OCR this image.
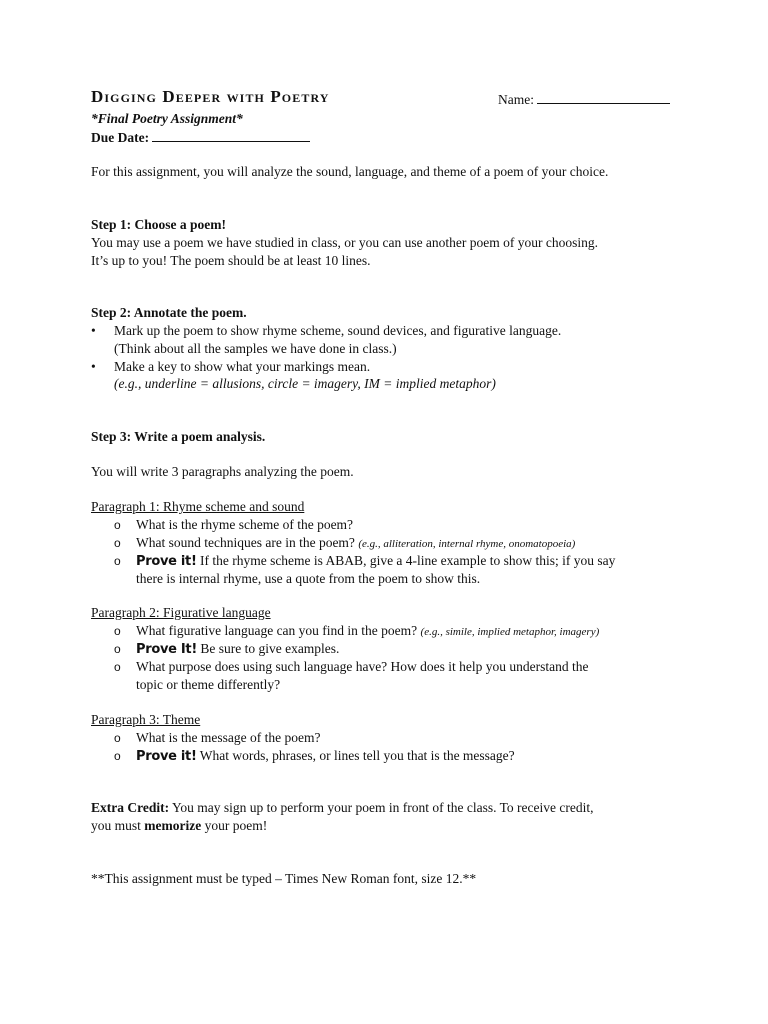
Digging Deeper with Poetry	Name:
*Final Poetry Assignment*
Due Date:
For this assignment, you will analyze the sound, language, and theme of a poem of your choice.
Step 1: Choose a poem!
You may use a poem we have studied in class, or you can use another poem of your choosing.
It’s up to you! The poem should be at least 10 lines.
Step 2: Annotate the poem.
• Mark up the poem to show rhyme scheme, sound devices, and figurative language.
(Think about all the samples we have done in class.)
• Make a key to show what your markings mean.
(e.g., underline = allusions, circle = imagery, IM = implied metaphor)
Step 3: Write a poem analysis.
You will write 3 paragraphs analyzing the poem.
Paragraph 1: Rhyme scheme and sound
o What is the rhyme scheme of the poem?
o What sound techniques are in the poem? (e.g., alliteration, internal rhyme, onomatopoeia)
o Prove it! If the rhyme scheme is ABAB, give a 4-line example to show this; if you say
there is internal rhyme, use a quote from the poem to show this.
Paragraph 2: Figurative language
o What figurative language can you find in the poem? (e.g., simile, implied metaphor, imagery)
o Prove It! Be sure to give examples.
o What purpose does using such language have? How does it help you understand the
topic or theme differently?
Paragraph 3: Theme
o What is the message of the poem?
o Prove it! What words, phrases, or lines tell you that is the message?
Extra Credit: You may sign up to perform your poem in front of the class. To receive credit,
you must memorize your poem!
**This assignment must be typed – Times New Roman font, size 12.**
